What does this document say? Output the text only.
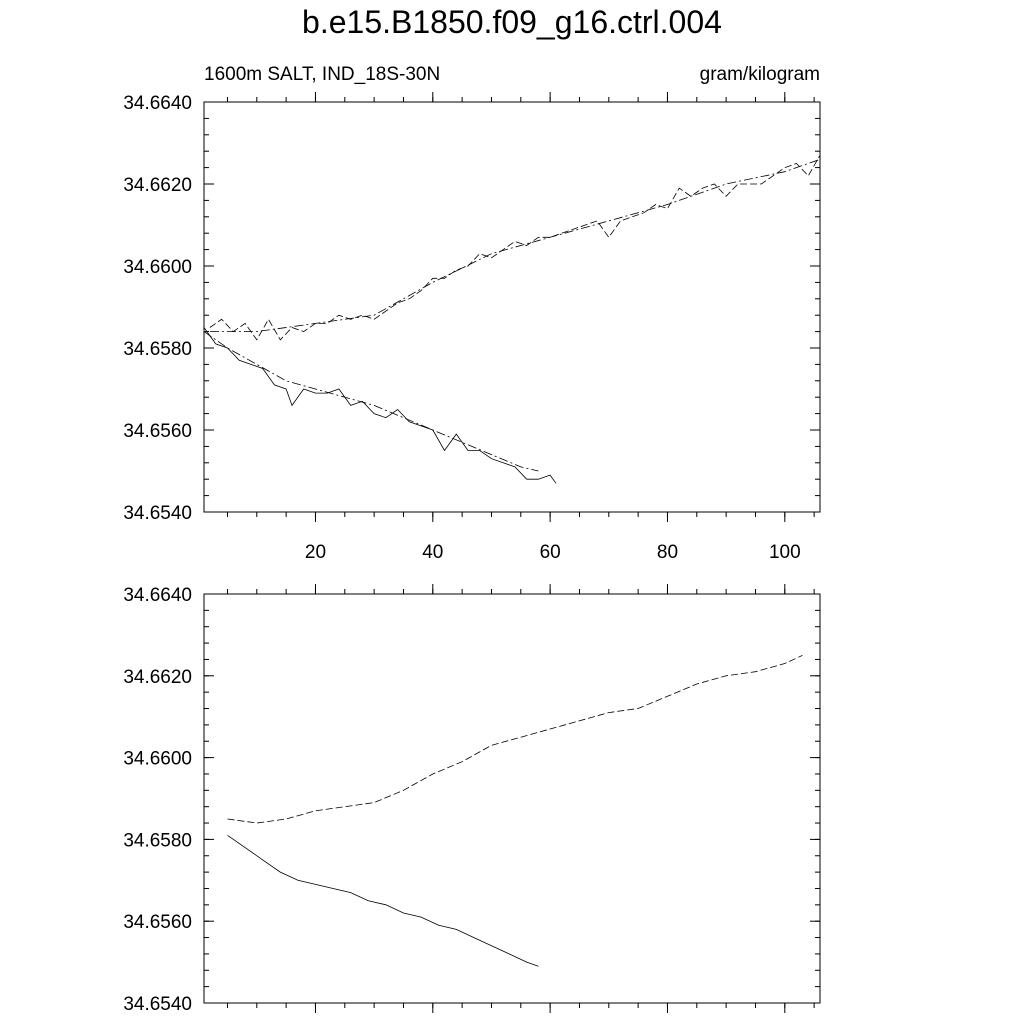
b.e15.B1850.f09_g16.ctrl.004
1600m SALT, IND_18S-30N	gram/kilogram
34.6540
34.6560
34.6580
34.6600
34.6620
34.6640
20	40	60	80	100
34.6540
34.6560
34.6580
34.6600
34.6620
34.6640
